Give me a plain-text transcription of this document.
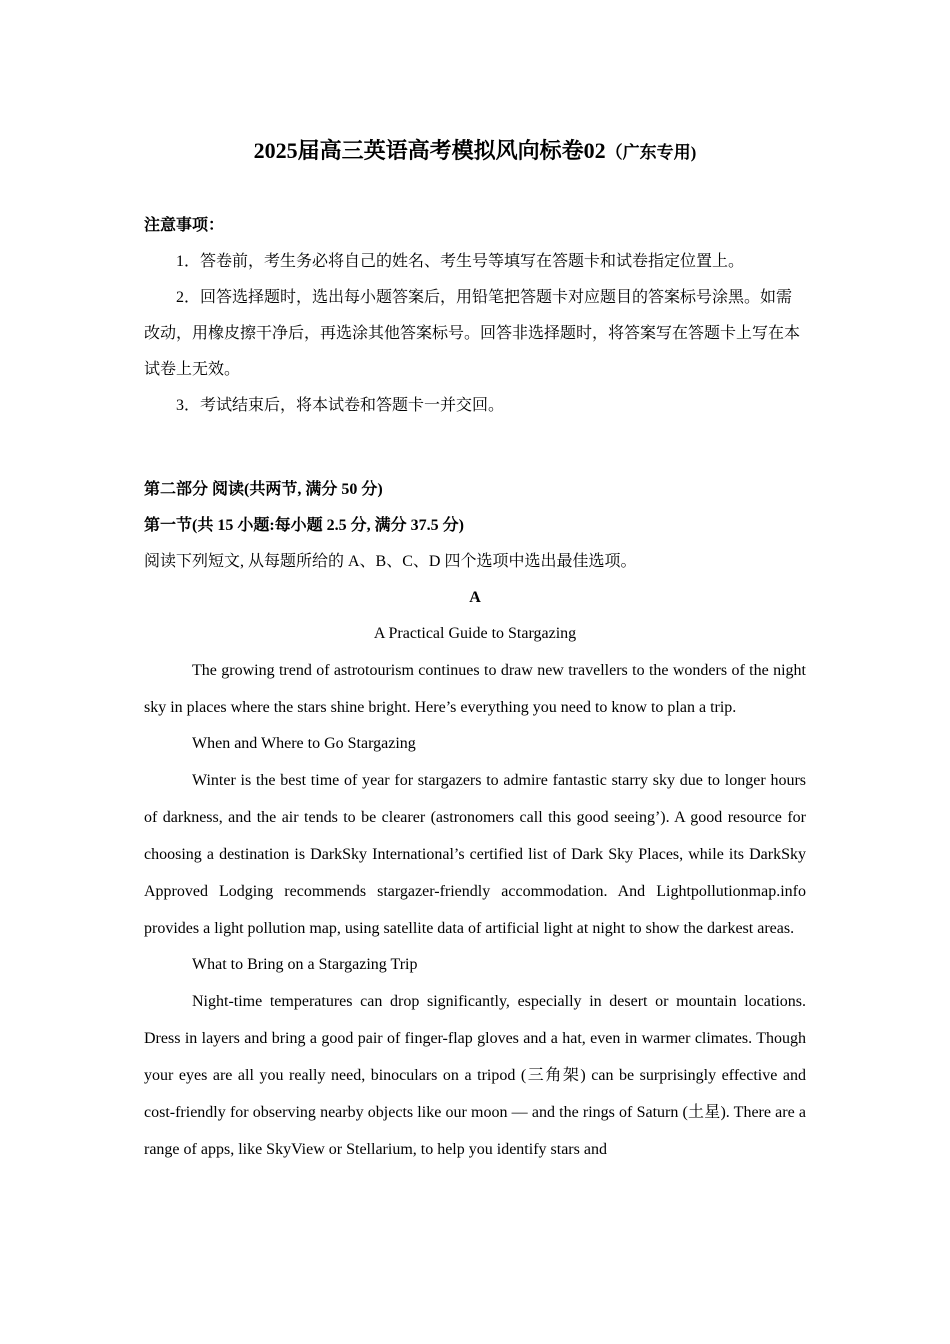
2025届高三英语高考模拟风向标卷02（广东专用)

注意事项：

1．答卷前，考生务必将自己的姓名、考生号等填写在答题卡和试卷指定位置上。

2．回答选择题时，选出每小题答案后，用铅笔把答题卡对应题目的答案标号涂黑。如需改动，用橡皮擦干净后，再选涂其他答案标号。回答非选择题时，将答案写在答题卡上写在本试卷上无效。

3．考试结束后，将本试卷和答题卡一并交回。

第二部分 阅读(共两节, 满分 50 分)

第一节(共 15 小题:每小题 2.5 分, 满分 37.5 分)

阅读下列短文, 从每题所给的 A、B、C、D 四个选项中选出最佳选项。

A

A Practical Guide to Stargazing

The growing trend of astrotourism continues to draw new travellers to the wonders of the night sky in places where the stars shine bright. Here’s everything you need to know to plan a trip.

When and Where to Go Stargazing

Winter is the best time of year for stargazers to admire fantastic starry sky due to longer hours of darkness, and the air tends to be clearer (astronomers call this good seeing’). A good resource for choosing a destination is DarkSky International’s certified list of Dark Sky Places, while its DarkSky Approved Lodging recommends stargazer-friendly accommodation. And Lightpollutionmap.info provides a light pollution map, using satellite data of artificial light at night to show the darkest areas.

What to Bring on a Stargazing Trip

Night-time temperatures can drop significantly, especially in desert or mountain locations. Dress in layers and bring a good pair of finger-flap gloves and a hat, even in warmer climates. Though your eyes are all you really need, binoculars on a tripod (三角架) can be surprisingly effective and cost-friendly for observing nearby objects like our moon — and the rings of Saturn (土星). There are a range of apps, like SkyView or Stellarium, to help you identify stars and
